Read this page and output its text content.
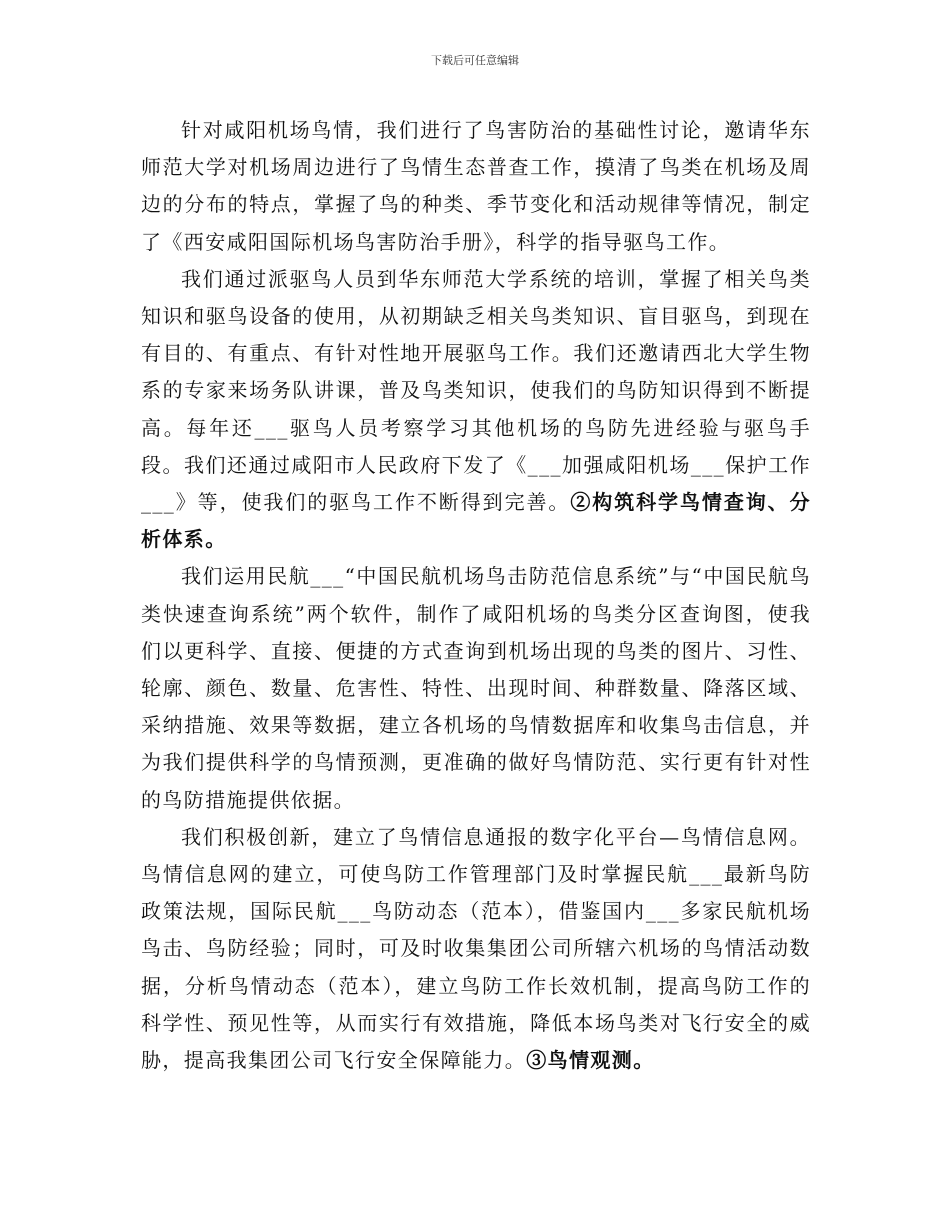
下载后可任意编辑

针对咸阳机场鸟情，我们进行了鸟害防治的基础性讨论，邀请华东师范大学对机场周边进行了鸟情生态普查工作，摸清了鸟类在机场及周边的分布的特点，掌握了鸟的种类、季节变化和活动规律等情况，制定了《西安咸阳国际机场鸟害防治手册》，科学的指导驱鸟工作。

我们通过派驱鸟人员到华东师范大学系统的培训，掌握了相关鸟类知识和驱鸟设备的使用，从初期缺乏相关鸟类知识、盲目驱鸟，到现在有目的、有重点、有针对性地开展驱鸟工作。我们还邀请西北大学生物系的专家来场务队讲课，普及鸟类知识，使我们的鸟防知识得到不断提高。每年还___驱鸟人员考察学习其他机场的鸟防先进经验与驱鸟手段。我们还通过咸阳市人民政府下发了《___加强咸阳机场___保护工作___》等，使我们的驱鸟工作不断得到完善。②构筑科学鸟情查询、分析体系。

我们运用民航___“中国民航机场鸟击防范信息系统”与“中国民航鸟类快速查询系统”两个软件，制作了咸阳机场的鸟类分区查询图，使我们以更科学、直接、便捷的方式查询到机场出现的鸟类的图片、习性、轮廓、颜色、数量、危害性、特性、出现时间、种群数量、降落区域、采纳措施、效果等数据，建立各机场的鸟情数据库和收集鸟击信息，并为我们提供科学的鸟情预测，更准确的做好鸟情防范、实行更有针对性的鸟防措施提供依据。

我们积极创新，建立了鸟情信息通报的数字化平台—鸟情信息网。鸟情信息网的建立，可使鸟防工作管理部门及时掌握民航___最新鸟防政策法规，国际民航___鸟防动态（范本），借鉴国内___多家民航机场鸟击、鸟防经验；同时，可及时收集集团公司所辖六机场的鸟情活动数据，分析鸟情动态（范本），建立鸟防工作长效机制，提高鸟防工作的科学性、预见性等，从而实行有效措施，降低本场鸟类对飞行安全的威胁，提高我集团公司飞行安全保障能力。③鸟情观测。
